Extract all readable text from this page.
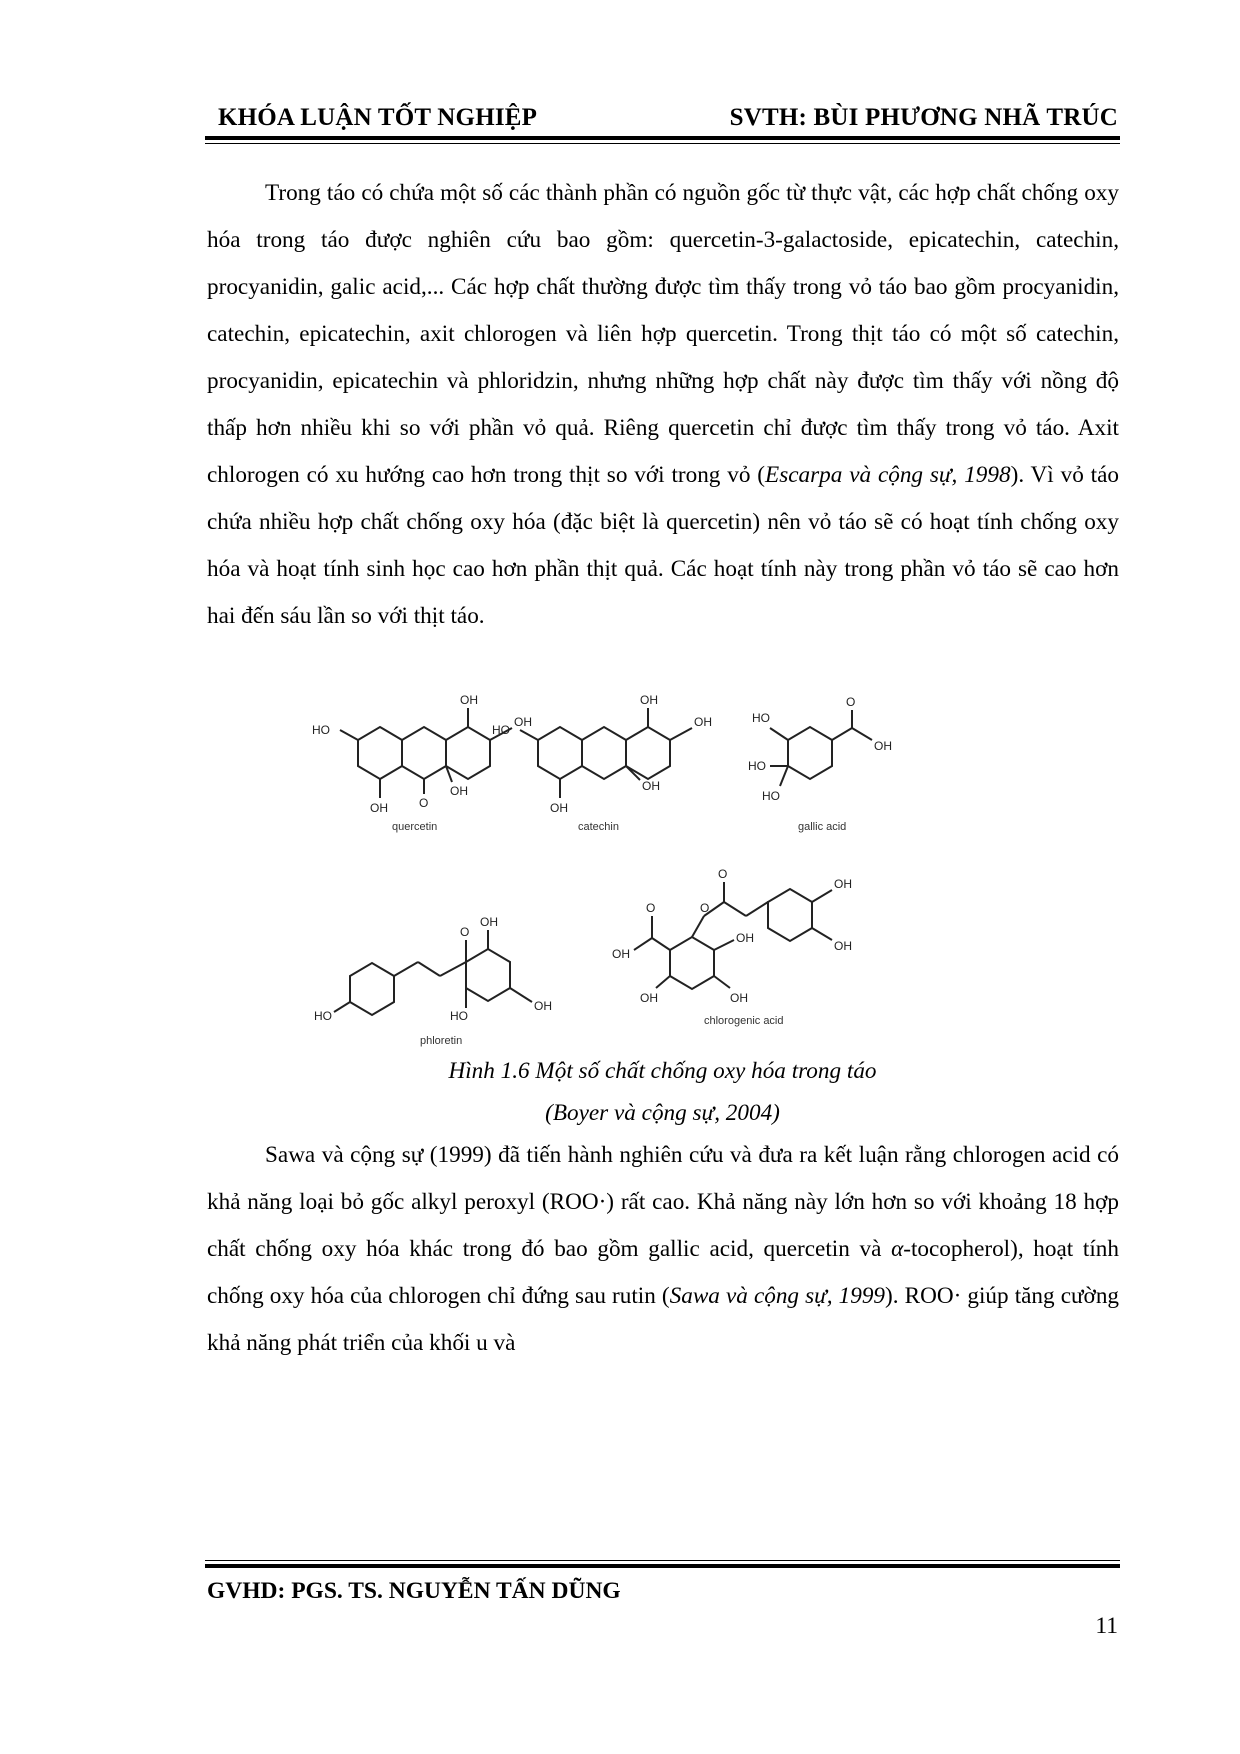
KHÓA LUẬN TỐT NGHIỆP	SVTH: BÙI PHƯƠNG NHÃ TRÚC

Trong táo có chứa một số các thành phần có nguồn gốc từ thực vật, các hợp chất chống oxy hóa trong táo được nghiên cứu bao gồm: quercetin-3-galactoside, epicatechin, catechin, procyanidin, galic acid,... Các hợp chất thường được tìm thấy trong vỏ táo bao gồm procyanidin, catechin, epicatechin, axit chlorogen và liên hợp quercetin. Trong thịt táo có một số catechin, procyanidin, epicatechin và phloridzin, nhưng những hợp chất này được tìm thấy với nồng độ thấp hơn nhiều khi so với phần vỏ quả. Riêng quercetin chỉ được tìm thấy trong vỏ táo. Axit chlorogen có xu hướng cao hơn trong thịt so với trong vỏ (Escarpa và cộng sự, 1998). Vì vỏ táo chứa nhiều hợp chất chống oxy hóa (đặc biệt là quercetin) nên vỏ táo sẽ có hoạt tính chống oxy hóa và hoạt tính sinh học cao hơn phần thịt quả. Các hoạt tính này trong phần vỏ táo sẽ cao hơn hai đến sáu lần so với thịt táo.

HO
OH	O
OH
OH
OH
quercetin
HO
OH
OH
OH
OH
catechin
HO
HO
HO
O
OH
gallic acid
HO
O
OH
HO
OH
phloretin
O
OH
O
O
OH
OH
OH
OH
OH
chlorogenic acid
Hình 1.6 Một số chất chống oxy hóa trong táo
(Boyer và cộng sự, 2004)

Sawa và cộng sự (1999) đã tiến hành nghiên cứu và đưa ra kết luận rằng chlorogen acid có khả năng loại bỏ gốc alkyl peroxyl (ROO·) rất cao. Khả năng này lớn hơn so với khoảng 18 hợp chất chống oxy hóa khác trong đó bao gồm gallic acid, quercetin và α-tocopherol), hoạt tính chống oxy hóa của chlorogen chỉ đứng sau rutin (Sawa và cộng sự, 1999). ROO· giúp tăng cường khả năng phát triển của khối u và

GVHD: PGS. TS. NGUYỄN TẤN DŨNG
11
